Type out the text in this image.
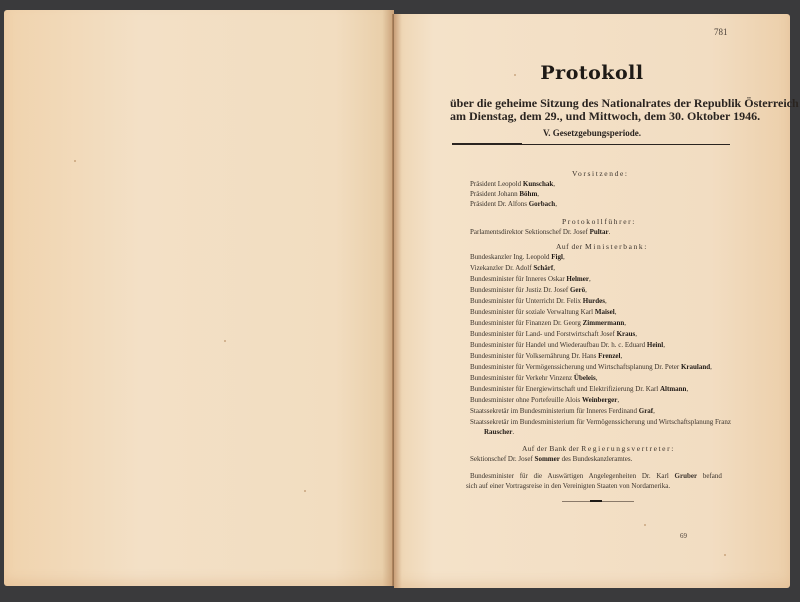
781
Protokoll
über die geheime Sitzung des Nationalrates der Republik Österreich
am Dienstag, dem 29., und Mittwoch, dem 30. Oktober 1946.
V. Gesetzgebungsperiode.
Vorsitzende:
Präsident Leopold Kunschak,
Präsident Johann Böhm,
Präsident Dr. Alfons Gorbach,
Protokollführer:
Parlamentsdirektor Sektionschef Dr. Josef Pultar.
Auf der Ministerbank:
Bundeskanzler Ing. Leopold Figl,
Vizekanzler Dr. Adolf Schärf,
Bundesminister für Inneres Oskar Helmer,
Bundesminister für Justiz Dr. Josef Gerö,
Bundesminister für Unterricht Dr. Felix Hurdes,
Bundesminister für soziale Verwaltung Karl Maisel,
Bundesminister für Finanzen Dr. Georg Zimmermann,
Bundesminister für Land- und Forstwirtschaft Josef Kraus,
Bundesminister für Handel und Wiederaufbau Dr. h. c. Eduard Heinl,
Bundesminister für Volksernährung Dr. Hans Frenzel,
Bundesminister für Vermögenssicherung und Wirtschaftsplanung Dr. Peter Krauland,
Bundesminister für Verkehr Vinzenz Übeleis,
Bundesminister für Energiewirtschaft und Elektrifizierung Dr. Karl Altmann,
Bundesminister ohne Portefeuille Alois Weinberger,
Staatssekretär im Bundesministerium für Inneres Ferdinand Graf,
Staatssekretär im Bundesministerium für Vermögenssicherung und Wirtschaftsplanung Franz
Rauscher.
Auf der Bank der Regierungsvertreter:
Sektionschef Dr. Josef Sommer des Bundeskanzleramtes.
Bundesminister für die Auswärtigen Angelegenheiten Dr. Karl Gruber befand
sich auf einer Vortragsreise in den Vereinigten Staaten von Nordamerika.
69
